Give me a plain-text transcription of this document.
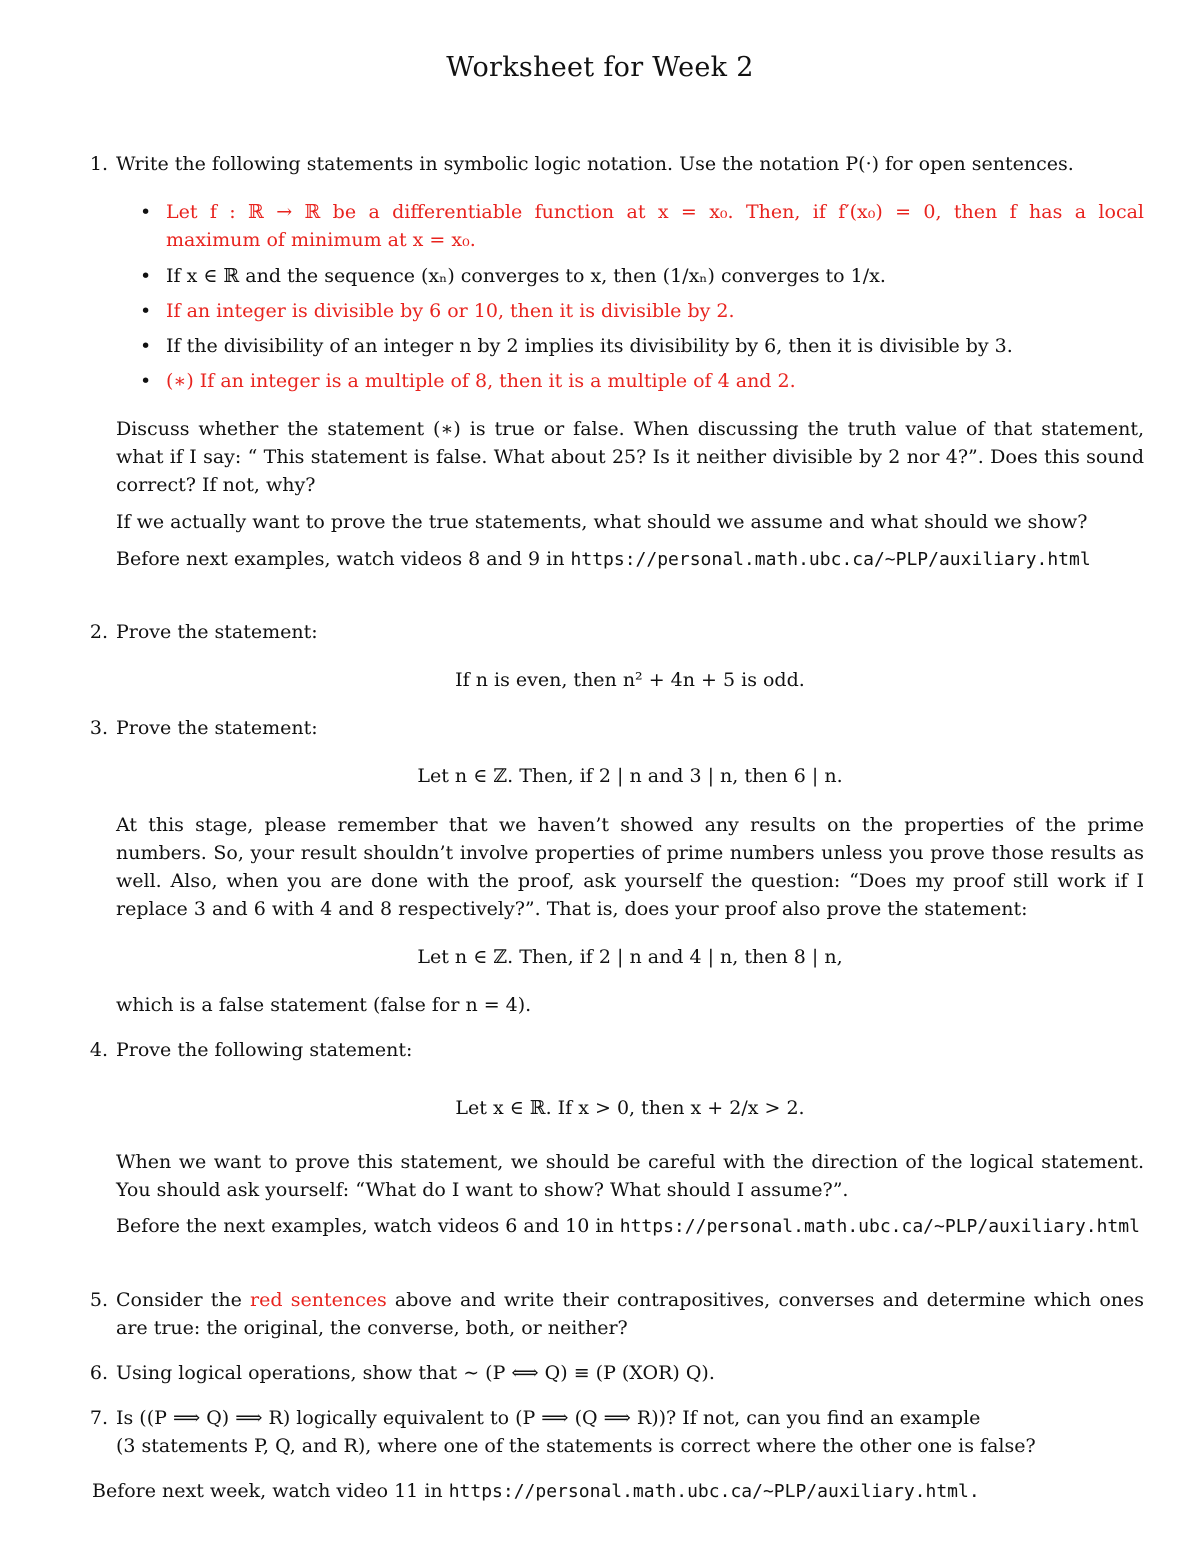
Worksheet for Week 2
1. Write the following statements in symbolic logic notation. Use the notation P(·) for open sentences.
• Let f : ℝ → ℝ be a differentiable function at x = x₀. Then, if f′(x₀) = 0, then f has a local
maximum of minimum at x = x₀.
• If x ∈ ℝ and the sequence (xₙ) converges to x, then (1/xₙ) converges to 1/x.
• If an integer is divisible by 6 or 10, then it is divisible by 2.
• If the divisibility of an integer n by 2 implies its divisibility by 6, then it is divisible by 3.
• (∗) If an integer is a multiple of 8, then it is a multiple of 4 and 2.
Discuss whether the statement (∗) is true or false. When discussing the truth value of that statement, what if I say: “ This statement is false. What about 25? Is it neither divisible by 2 nor 4?”. Does this sound correct? If not, why?
If we actually want to prove the true statements, what should we assume and what should we show?
Before next examples, watch videos 8 and 9 in https://personal.math.ubc.ca/~PLP/auxiliary.html
2. Prove the statement:
If n is even, then n² + 4n + 5 is odd.
3. Prove the statement:
Let n ∈ ℤ. Then, if 2 | n and 3 | n, then 6 | n.
At this stage, please remember that we haven’t showed any results on the properties of the prime numbers. So, your result shouldn’t involve properties of prime numbers unless you prove those results as well. Also, when you are done with the proof, ask yourself the question: “Does my proof still work if I replace 3 and 6 with 4 and 8 respectively?”. That is, does your proof also prove the statement:
Let n ∈ ℤ. Then, if 2 | n and 4 | n, then 8 | n,
which is a false statement (false for n = 4).
4. Prove the following statement:
Let x ∈ ℝ. If x > 0, then x + 2/x > 2.
When we want to prove this statement, we should be careful with the direction of the logical statement. You should ask yourself: “What do I want to show? What should I assume?”.
Before the next examples, watch videos 6 and 10 in https://personal.math.ubc.ca/~PLP/auxiliary.html
5. Consider the red sentences above and write their contrapositives, converses and determine which ones are true: the original, the converse, both, or neither?
6. Using logical operations, show that ∼ (P ⟺ Q) ≡ (P (XOR) Q).
7. Is ((P ⟹ Q) ⟹ R) logically equivalent to (P ⟹ (Q ⟹ R))? If not, can you find an example
(3 statements P, Q, and R), where one of the statements is correct where the other one is false?
Before next week, watch video 11 in https://personal.math.ubc.ca/~PLP/auxiliary.html.
